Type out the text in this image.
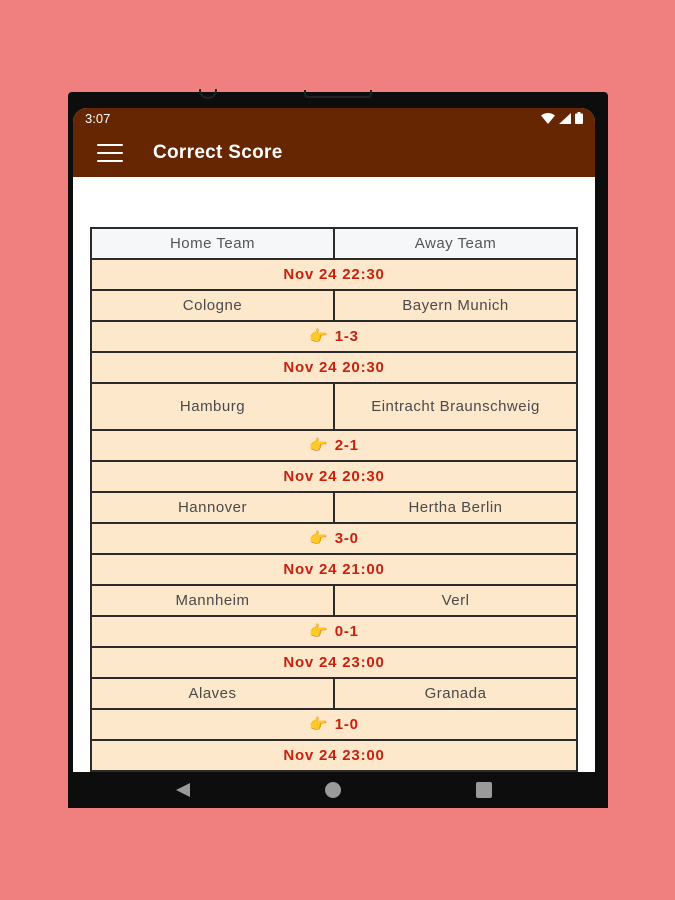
3:07
Correct Score
Home Team	Away Team
Nov 24 22:30	
Cologne	Bayern Munich
👉 1-3	
Nov 24 20:30	
Hamburg	Eintracht Braunschweig
👉 2-1	
Nov 24 20:30	
Hannover	Hertha Berlin
👉 3-0	
Nov 24 21:00	
Mannheim	Verl
👉 0-1	
Nov 24 23:00	
Alaves	Granada
👉 1-0	
Nov 24 23:00	
